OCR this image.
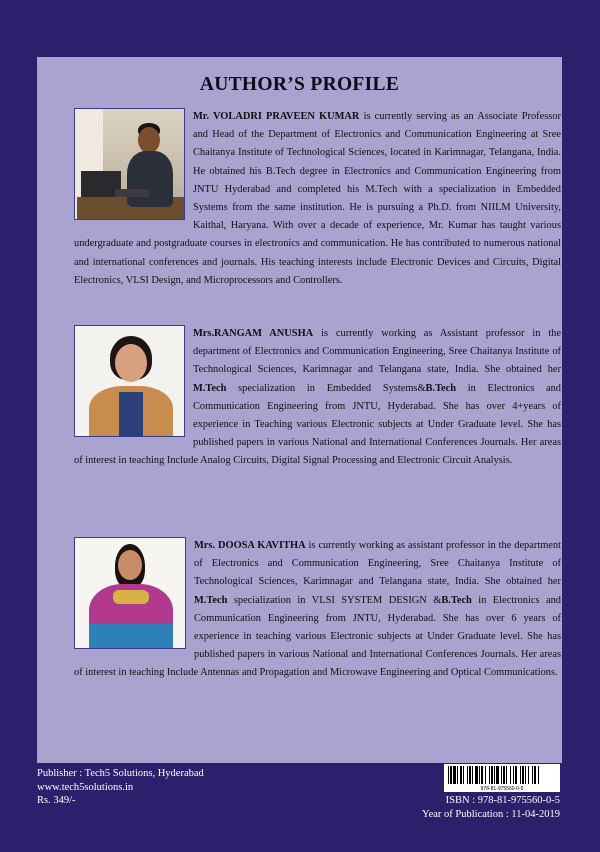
AUTHOR’S PROFILE

Mr. VOLADRI PRAVEEN KUMAR is currently serving as an Associate Professor and Head of the Department of Electronics and Communication Engineering at Sree Chaitanya Institute of Technological Sciences, located in Karimnagar, Telangana, India. He obtained his B.Tech degree in Electronics and Communication Engineering from JNTU Hyderabad and completed his M.Tech with a specialization in Embedded Systems from the same institution. He is pursuing a Ph.D. from NIILM University, Kaithal, Haryana. With over a decade of experience, Mr. Kumar has taught various undergraduate and postgraduate courses in electronics and communication. He has contributed to numerous national and international conferences and journals. His teaching interests include Electronic Devices and Circuits, Digital Electronics, VLSI Design, and Microprocessors and Controllers.

Mrs.RANGAM ANUSHA is currently working as Assistant professor in the department of Electronics and Communication Engineering, Sree Chaitanya Institute of Technological Sciences, Karimnagar and Telangana state, India. She obtained her M.Tech specialization in Embedded Systems&B.Tech in Electronics and Communication Engineering from JNTU, Hyderabad. She has over 4+years of experience in Teaching various Electronic subjects at Under Graduate level. She has published papers in various National and International Conferences Journals. Her areas of interest in teaching Include Analog Circuits, Digital Signal Processing and Electronic Circuit Analysis.

Mrs. DOOSA KAVITHA is currently working as assistant professor in the department of Electronics and Communication Engineering, Sree Chaitanya Institute of Technological Sciences, Karimnagar and Telangana state, India. She obtained her M.Tech specialization in VLSI SYSTEM DESIGN &B.Tech in Electronics and Communication Engineering from JNTU, Hyderabad. She has over 6 years of experience in teaching various Electronic subjects at Under Graduate level. She has published papers in various National and International Conferences Journals. Her areas of interest in teaching Include Antennas and Propagation and Microwave Engineering and Optical Communications.

Publisher : Tech5 Solutions, Hyderabad
www.tech5solutions.in
Rs. 349/-
978-81-975560-0-5
ISBN : 978-81-975560-0-5
Year of Publication : 11-04-2019
